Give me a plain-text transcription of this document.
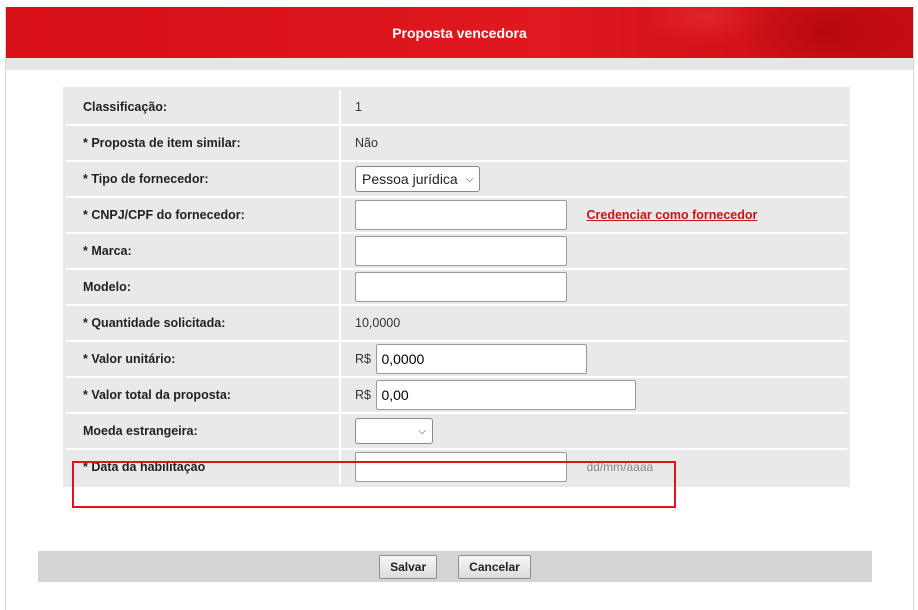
Proposta vencedora
Classificação:	1
* Proposta de item similar:	Não
* Tipo de fornecedor:	Pessoa jurídica ⌵

* CNPJ/CPF do fornecedor:	Credenciar como fornecedor
* Marca:	
Modelo:	
* Quantidade solicitada:	10,0000
* Valor unitário:	R$ 0,0000
* Valor total da proposta:	R$ 0,00
Moeda estrangeira:	⌵

* Data da habilitação	dd/mm/aaaa
Salvar	Cancelar
